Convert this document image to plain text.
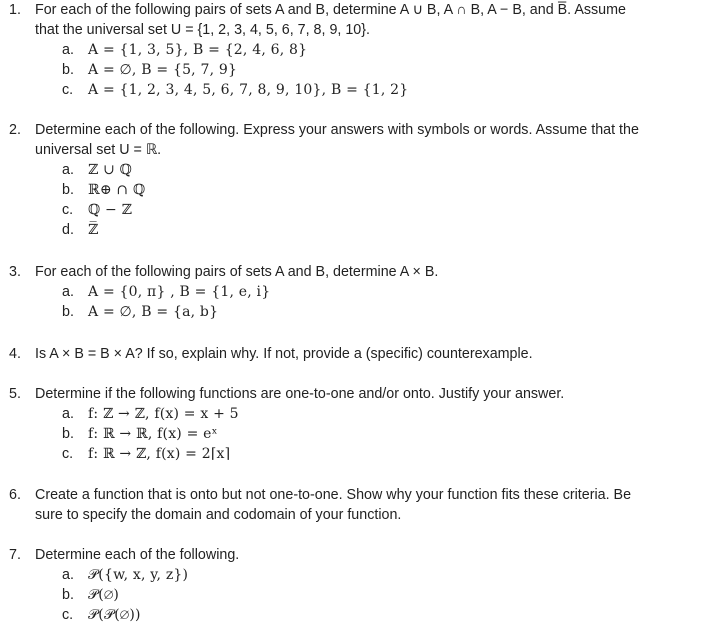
1. For each of the following pairs of sets A and B, determine A ∪ B, A ∩ B, A − B, and B̅. Assume
that the universal set U = {1, 2, 3, 4, 5, 6, 7, 8, 9, 10}.
a. A = {1, 3, 5}, B = {2, 4, 6, 8}
b. A = ∅, B = {5, 7, 9}
c. A = {1, 2, 3, 4, 5, 6, 7, 8, 9, 10}, B = {1, 2}
2. Determine each of the following. Express your answers with symbols or words. Assume that the
universal set U = ℝ.
a. ℤ ∪ ℚ
b. ℝ⊕ ∩ ℚ
c. ℚ − ℤ
d. ℤ̅
3. For each of the following pairs of sets A and B, determine A × B.
a. A = {0, π} , B = {1, e, i}
b. A = ∅, B = {a, b}
4. Is A × B = B × A? If so, explain why. If not, provide a (specific) counterexample.
5. Determine if the following functions are one-to-one and/or onto. Justify your answer.
a. f: ℤ → ℤ, f(x) = x + 5
b. f: ℝ → ℝ, f(x) = eˣ
c. f: ℝ → ℤ, f(x) = 2⌈x⌉
6. Create a function that is onto but not one-to-one. Show why your function fits these criteria. Be
sure to specify the domain and codomain of your function.
7. Determine each of the following.
a. 𝒫({w, x, y, z})
b. 𝒫(∅)
c. 𝒫(𝒫(∅))
